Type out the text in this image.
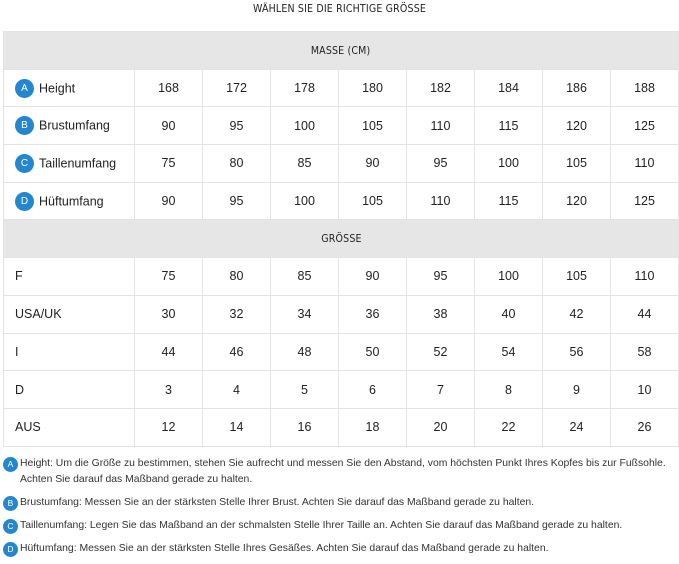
WÄHLEN SIE DIE RICHTIGE GRÖSSE
MASSE (CM)								
A Height	168	172	178	180	182	184	186	188
B Brustumfang	90	95	100	105	110	115	120	125
C Taillenumfang	75	80	85	90	95	100	105	110
D Hüftumfang	90	95	100	105	110	115	120	125
GRÖSSE								
F	75	80	85	90	95	100	105	110
USA/UK	30	32	34	36	38	40	42	44
I	44	46	48	50	52	54	56	58
D	3	4	5	6	7	8	9	10
AUS	12	14	16	18	20	22	24	26
A Height: Um die Größe zu bestimmen, stehen Sie aufrecht und messen Sie den Abstand, vom höchsten Punkt Ihres Kopfes bis zur Fußsohle. Achten Sie darauf das Maßband gerade zu halten.
B Brustumfang: Messen Sie an der stärksten Stelle Ihrer Brust. Achten Sie darauf das Maßband gerade zu halten.
C Taillenumfang: Legen Sie das Maßband an der schmalsten Stelle Ihrer Taille an. Achten Sie darauf das Maßband gerade zu halten.
D Hüftumfang: Messen Sie an der stärksten Stelle Ihres Gesäßes. Achten Sie darauf das Maßband gerade zu halten.
